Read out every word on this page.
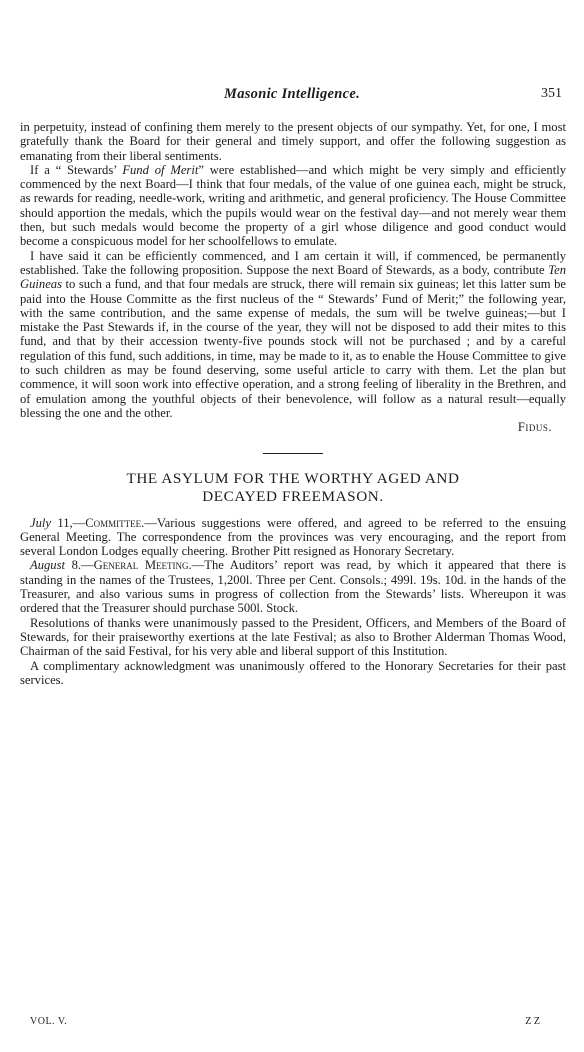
Masonic Intelligence.	351

in perpetuity, instead of confining them merely to the present objects of our sympathy. Yet, for one, I most gratefully thank the Board for their general and timely support, and offer the following suggestion as emanating from their liberal sentiments.

If a “ Stewards’ Fund of Merit” were established—and which might be very simply and efficiently commenced by the next Board—I think that four medals, of the value of one guinea each, might be struck, as rewards for reading, needle-work, writing and arithmetic, and general proficiency. The House Committee should apportion the medals, which the pupils would wear on the festival day—and not merely wear them then, but such medals would become the property of a girl whose diligence and good conduct would become a conspicuous model for her schoolfellows to emulate.

I have said it can be efficiently commenced, and I am certain it will, if commenced, be permanently established. Take the following proposition. Suppose the next Board of Stewards, as a body, contribute Ten Guineas to such a fund, and that four medals are struck, there will remain six guineas; let this latter sum be paid into the House Committe as the first nucleus of the “ Stewards’ Fund of Merit;” the following year, with the same contribution, and the same expense of medals, the sum will be twelve guineas;—but I mistake the Past Stewards if, in the course of the year, they will not be disposed to add their mites to this fund, and that by their accession twenty-five pounds stock will not be purchased ; and by a careful regulation of this fund, such additions, in time, may be made to it, as to enable the House Committee to give to such children as may be found deserving, some useful article to carry with them. Let the plan but commence, it will soon work into effective operation, and a strong feeling of liberality in the Brethren, and of emulation among the youthful objects of their benevolence, will follow as a natural result—equally blessing the one and the other.

Fidus.
THE ASYLUM FOR THE WORTHY AGED AND
DECAYED FREEMASON.

July 11,—Committee.—Various suggestions were offered, and agreed to be referred to the ensuing General Meeting. The correspondence from the provinces was very encouraging, and the report from several London Lodges equally cheering. Brother Pitt resigned as Honorary Secretary.

August 8.—General Meeting.—The Auditors’ report was read, by which it appeared that there is standing in the names of the Trustees, 1,200l. Three per Cent. Consols.; 499l. 19s. 10d. in the hands of the Treasurer, and also various sums in progress of collection from the Stewards’ lists. Whereupon it was ordered that the Treasurer should purchase 500l. Stock.

Resolutions of thanks were unanimously passed to the President, Officers, and Members of the Board of Stewards, for their praiseworthy exertions at the late Festival; as also to Brother Alderman Thomas Wood, Chairman of the said Festival, for his very able and liberal support of this Institution.

A complimentary acknowledgment was unanimously offered to the Honorary Secretaries for their past services.

VOL. V.	Z Z
